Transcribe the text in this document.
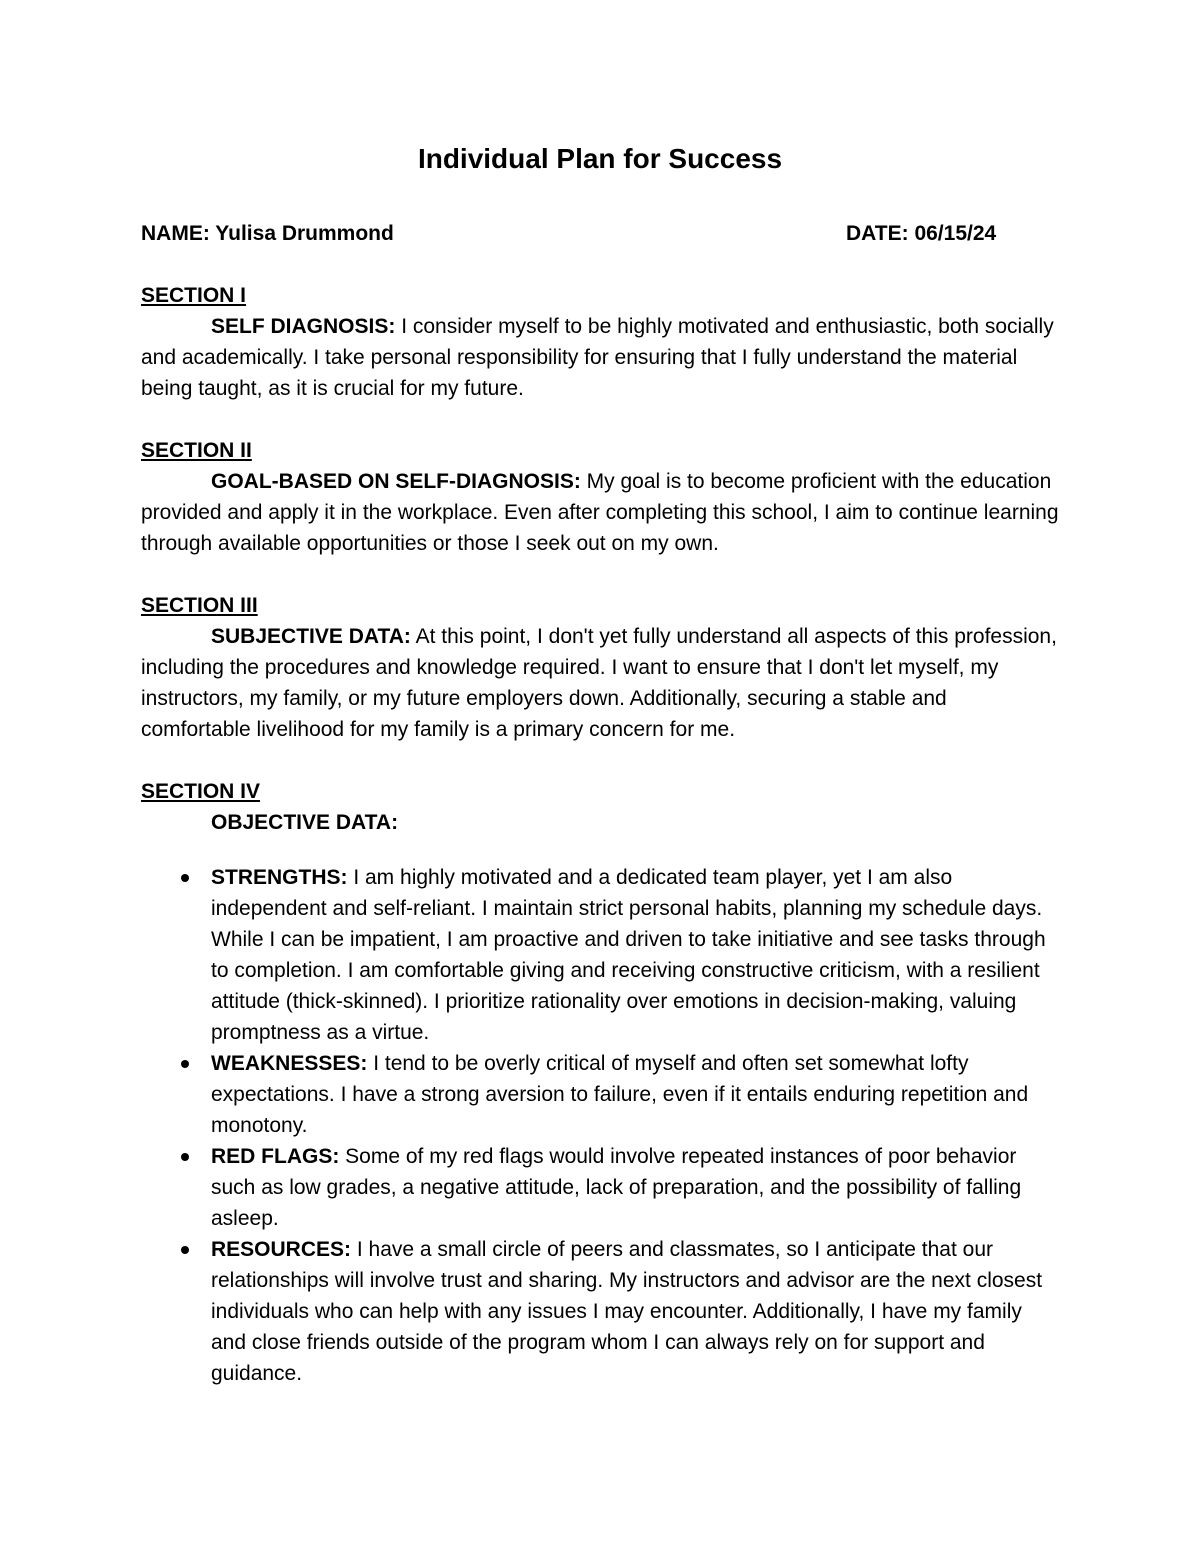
Individual Plan for Success
NAME: Yulisa Drummond	DATE: 06/15/24

SECTION I

SELF DIAGNOSIS: I consider myself to be highly motivated and enthusiastic, both socially and academically. I take personal responsibility for ensuring that I fully understand the material being taught, as it is crucial for my future.

SECTION II

GOAL-BASED ON SELF-DIAGNOSIS: My goal is to become proficient with the education provided and apply it in the workplace. Even after completing this school, I aim to continue learning through available opportunities or those I seek out on my own.

SECTION III

SUBJECTIVE DATA: At this point, I don't yet fully understand all aspects of this profession, including the procedures and knowledge required. I want to ensure that I don't let myself, my instructors, my family, or my future employers down. Additionally, securing a stable and comfortable livelihood for my family is a primary concern for me.

SECTION IV

OBJECTIVE DATA:

STRENGTHS: I am highly motivated and a dedicated team player, yet I am also independent and self-reliant. I maintain strict personal habits, planning my schedule days. While I can be impatient, I am proactive and driven to take initiative and see tasks through to completion. I am comfortable giving and receiving constructive criticism, with a resilient attitude (thick-skinned). I prioritize rationality over emotions in decision-making, valuing promptness as a virtue.
WEAKNESSES: I tend to be overly critical of myself and often set somewhat lofty expectations. I have a strong aversion to failure, even if it entails enduring repetition and monotony.
RED FLAGS: Some of my red flags would involve repeated instances of poor behavior such as low grades, a negative attitude, lack of preparation, and the possibility of falling asleep.
RESOURCES: I have a small circle of peers and classmates, so I anticipate that our relationships will involve trust and sharing. My instructors and advisor are the next closest individuals who can help with any issues I may encounter. Additionally, I have my family and close friends outside of the program whom I can always rely on for support and guidance.
